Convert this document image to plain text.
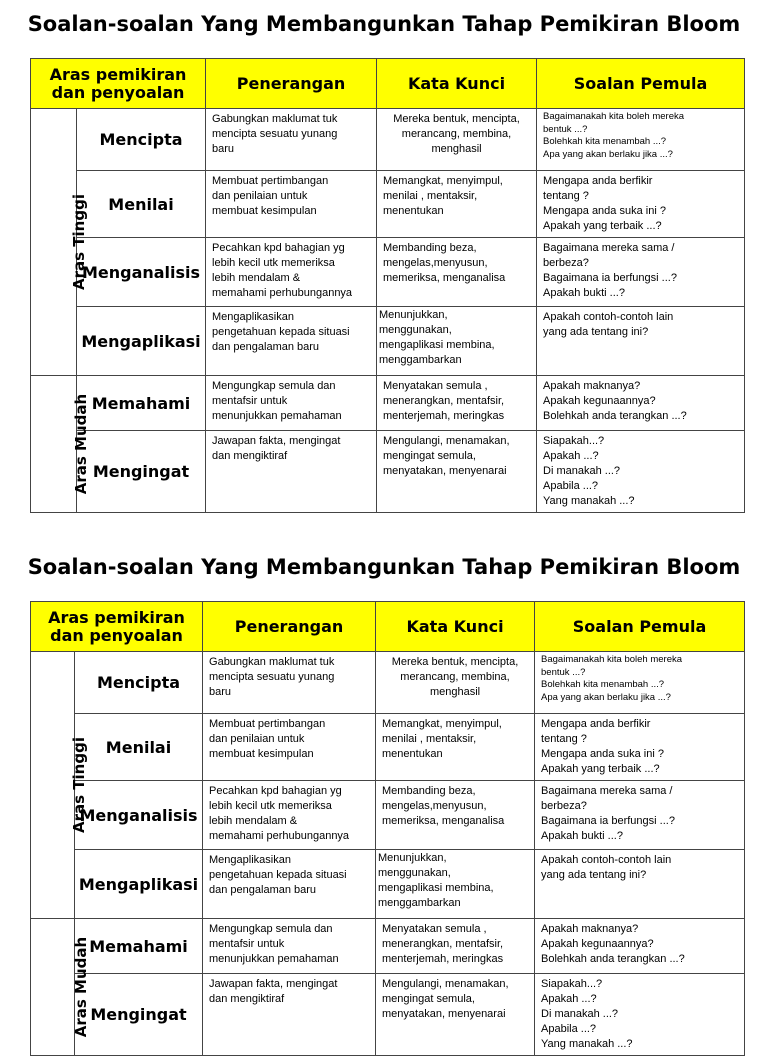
Soalan-soalan Yang Membangunkan Tahap Pemikiran Bloom
Aras pemikiran dan penyoalan		Penerangan	Kata Kunci	Soalan Pemula
Aras Tinggi	Mencipta	Gabungkan maklumat tuk
mencipta sesuatu yunang
baru	Mereka bentuk, mencipta,
merancang, membina,
menghasil	Bagaimanakah kita boleh mereka
bentuk ...?
Bolehkah kita menambah ...?
Apa yang akan berlaku jika ...?

	Menilai	Membuat pertimbangan
dan penilaian untuk
membuat kesimpulan	Memangkat, menyimpul,
menilai , mentaksir,
menentukan	Mengapa anda berfikir
tentang ?
Mengapa anda suka ini ?
Apakah yang terbaik ...?

	Menganalisis	Pecahkan kpd bahagian yg
lebih kecil utk memeriksa
lebih mendalam &
memahami perhubungannya	Membanding beza,
mengelas,menyusun,
memeriksa, menganalisa	Bagaimana mereka sama /
berbeza?
Bagaimana ia berfungsi ...?
Apakah bukti ...?

	Mengaplikasi	Mengaplikasikan
pengetahuan kepada situasi
dan pengalaman baru	Menunjukkan,
menggunakan,
mengaplikasi membina,
menggambarkan	Apakah contoh-contoh lain
yang ada tentang ini?

Aras Mudah	Memahami	Mengungkap semula dan
mentafsir untuk
menunjukkan pemahaman	Menyatakan semula ,
menerangkan, mentafsir,
menterjemah, meringkas	Apakah maknanya?
Apakah kegunaannya?
Bolehkah anda terangkan ...?

	Mengingat	Jawapan fakta, mengingat
dan mengiktiraf	Mengulangi, menamakan,
mengingat semula,
menyatakan, menyenarai	Siapakah...?
Apakah ...?
Di manakah ...?
Apabila ...?
Yang manakah ...?
Soalan-soalan Yang Membangunkan Tahap Pemikiran Bloom
Aras pemikiran dan penyoalan		Penerangan	Kata Kunci	Soalan Pemula
Aras Tinggi	Mencipta	Gabungkan maklumat tuk
mencipta sesuatu yunang
baru	Mereka bentuk, mencipta,
merancang, membina,
menghasil	Bagaimanakah kita boleh mereka
bentuk ...?
Bolehkah kita menambah ...?
Apa yang akan berlaku jika ...?

	Menilai	Membuat pertimbangan
dan penilaian untuk
membuat kesimpulan	Memangkat, menyimpul,
menilai , mentaksir,
menentukan	Mengapa anda berfikir
tentang ?
Mengapa anda suka ini ?
Apakah yang terbaik ...?

	Menganalisis	Pecahkan kpd bahagian yg
lebih kecil utk memeriksa
lebih mendalam &
memahami perhubungannya	Membanding beza,
mengelas,menyusun,
memeriksa, menganalisa	Bagaimana mereka sama /
berbeza?
Bagaimana ia berfungsi ...?
Apakah bukti ...?

	Mengaplikasi	Mengaplikasikan
pengetahuan kepada situasi
dan pengalaman baru	Menunjukkan,
menggunakan,
mengaplikasi membina,
menggambarkan	Apakah contoh-contoh lain
yang ada tentang ini?

Aras Mudah	Memahami	Mengungkap semula dan
mentafsir untuk
menunjukkan pemahaman	Menyatakan semula ,
menerangkan, mentafsir,
menterjemah, meringkas	Apakah maknanya?
Apakah kegunaannya?
Bolehkah anda terangkan ...?

	Mengingat	Jawapan fakta, mengingat
dan mengiktiraf	Mengulangi, menamakan,
mengingat semula,
menyatakan, menyenarai	Siapakah...?
Apakah ...?
Di manakah ...?
Apabila ...?
Yang manakah ...?
